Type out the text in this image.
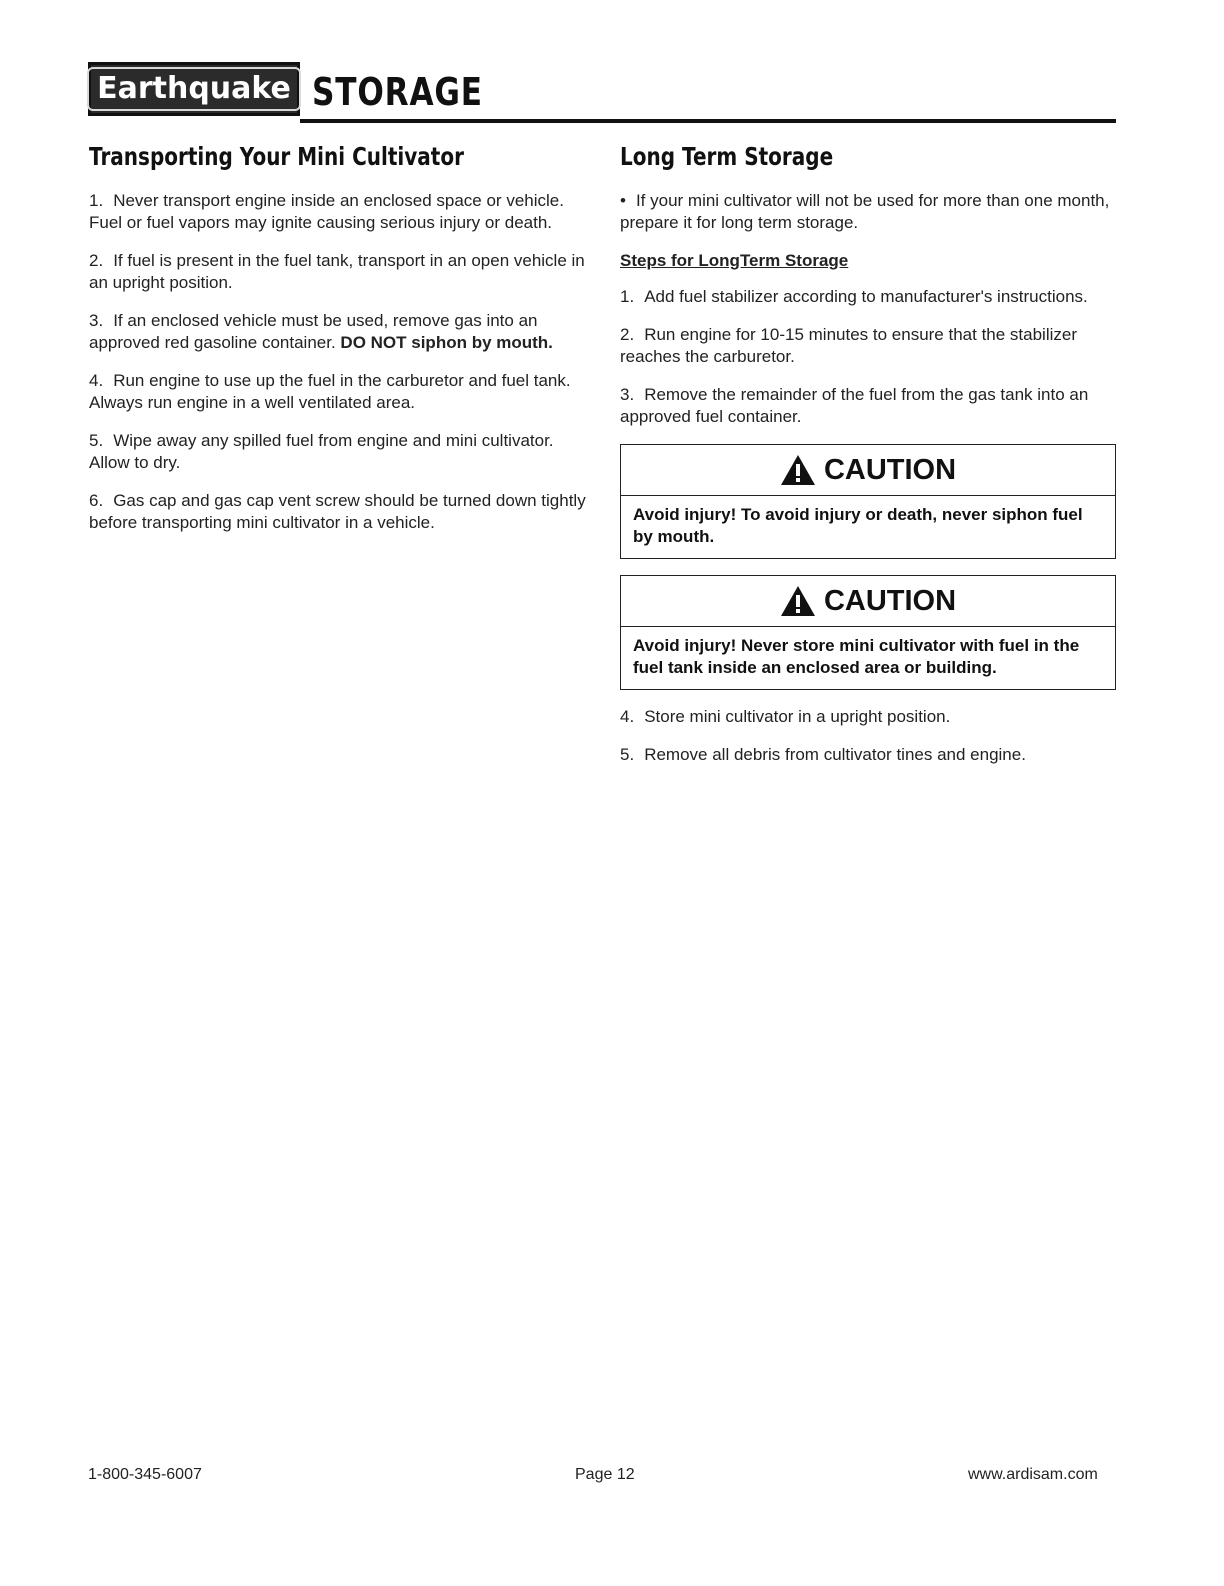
Earthquake STORAGE
Transporting Your Mini Cultivator

1. Never transport engine inside an enclosed space or vehicle. Fuel or fuel vapors may ignite causing serious injury or death.

2. If fuel is present in the fuel tank, transport in an open vehicle in an upright position.

3. If an enclosed vehicle must be used, remove gas into an approved red gasoline container. DO NOT siphon by mouth.

4. Run engine to use up the fuel in the carburetor and fuel tank. Always run engine in a well ventilated area.

5. Wipe away any spilled fuel from engine and mini cultivator. Allow to dry.

6. Gas cap and gas cap vent screw should be turned down tightly before transporting mini cultivator in a vehicle.

Long Term Storage

• If your mini cultivator will not be used for more than one month, prepare it for long term storage.

Steps for LongTerm Storage

1. Add fuel stabilizer according to manufacturer's instructions.

2. Run engine for 10-15 minutes to ensure that the stabilizer reaches the carburetor.

3. Remove the remainder of the fuel from the gas tank into an approved fuel container.

CAUTION
Avoid injury! To avoid injury or death, never siphon fuel by mouth.
CAUTION
Avoid injury! Never store mini cultivator with fuel in the fuel tank inside an enclosed area or building.

4. Store mini cultivator in a upright position.

5. Remove all debris from cultivator tines and engine.

1-800-345-6007	Page 12	www.ardisam.com
